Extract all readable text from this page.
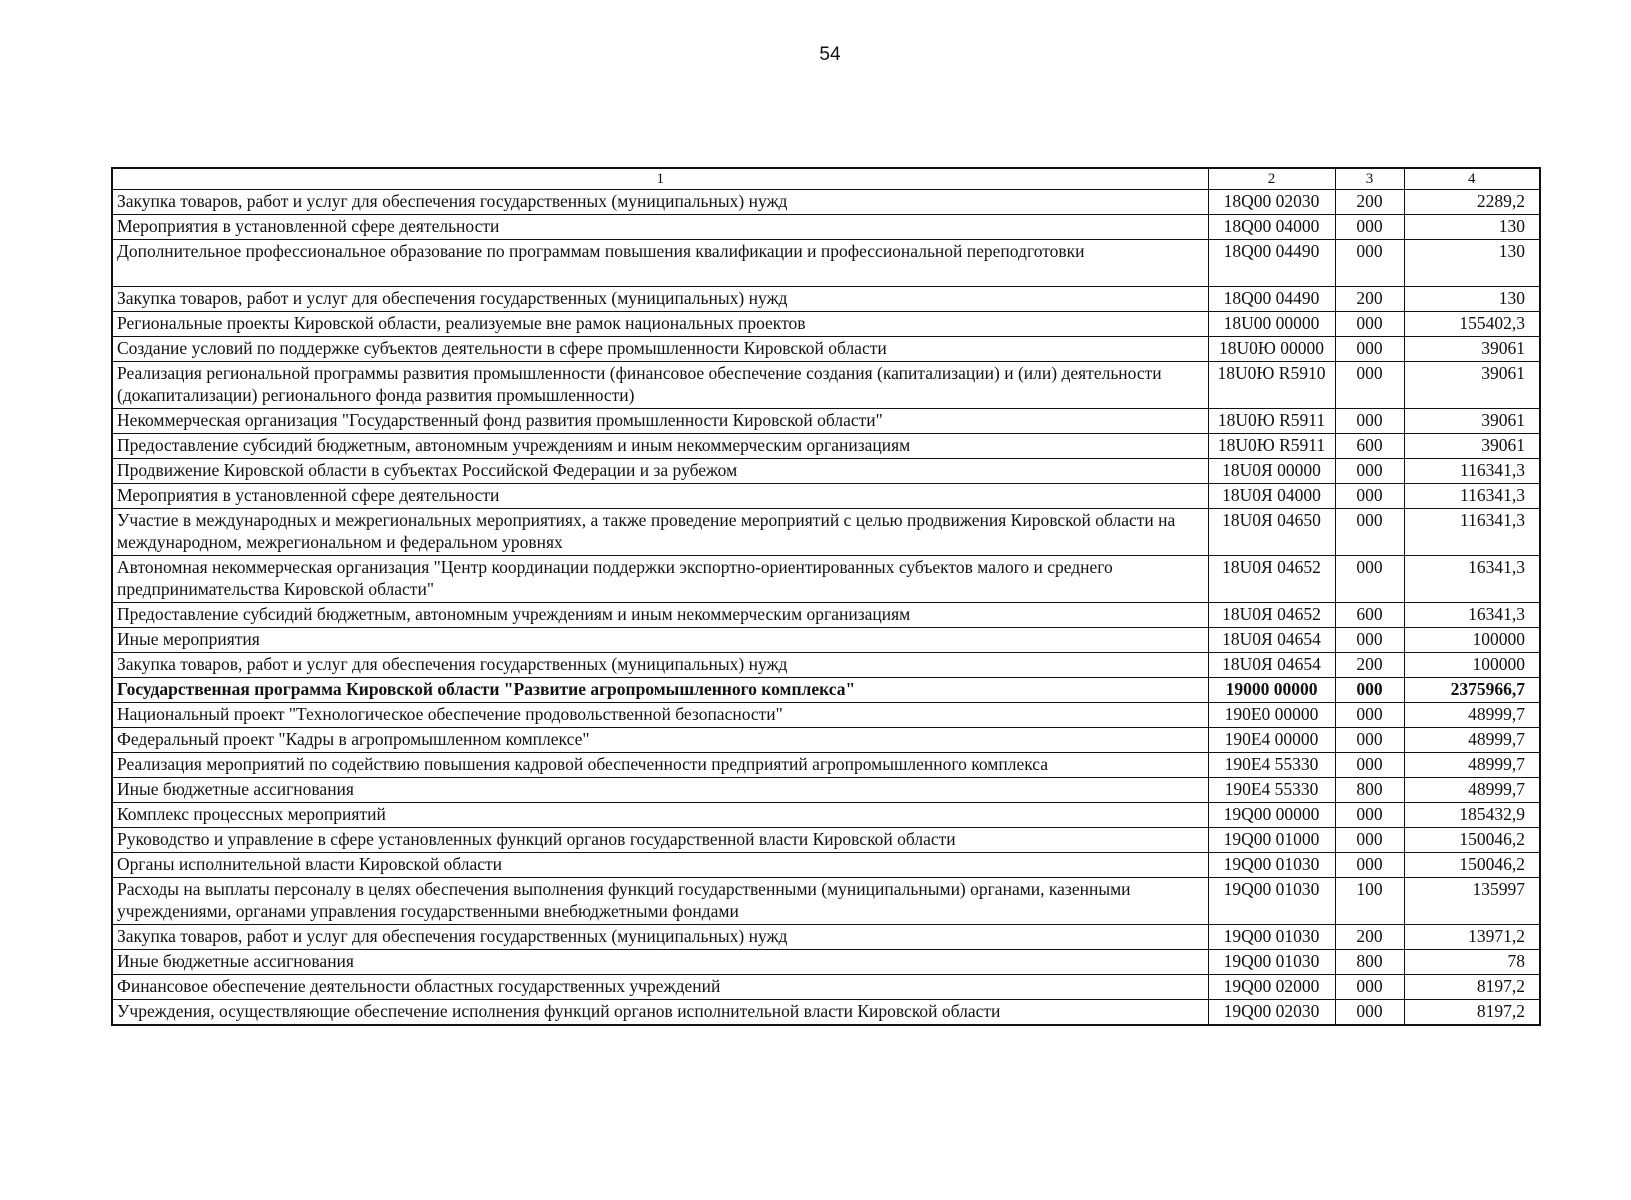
54
1	2	3	4
Закупка товаров, работ и услуг для обеспечения государственных (муниципальных) нужд	18Q00 02030	200	2289,2
Мероприятия в установленной сфере деятельности	18Q00 04000	000	130
Дополнительное профессиональное образование по программам повышения квалификации и профессиональной переподготовки	18Q00 04490	000	130
Закупка товаров, работ и услуг для обеспечения государственных (муниципальных) нужд	18Q00 04490	200	130
Региональные проекты Кировской области, реализуемые вне рамок национальных проектов	18U00 00000	000	155402,3
Создание условий по поддержке субъектов деятельности в сфере промышленности Кировской области	18U0Ю 00000	000	39061
Реализация региональной программы развития промышленности (финансовое обеспечение создания (капитализации) и (или) деятельности (докапитализации) регионального фонда развития промышленности)	18U0Ю R5910	000	39061
Некоммерческая организация "Государственный фонд развития промышленности Кировской области"	18U0Ю R5911	000	39061
Предоставление субсидий бюджетным, автономным учреждениям и иным некоммерческим организациям	18U0Ю R5911	600	39061
Продвижение Кировской области в субъектах Российской Федерации и за рубежом	18U0Я 00000	000	116341,3
Мероприятия в установленной сфере деятельности	18U0Я 04000	000	116341,3
Участие в международных и межрегиональных мероприятиях, а также проведение мероприятий с целью продвижения Кировской области на международном, межрегиональном и федеральном уровнях	18U0Я 04650	000	116341,3
Автономная некоммерческая организация "Центр координации поддержки экспортно-ориентированных субъектов малого и среднего предпринимательства Кировской области"	18U0Я 04652	000	16341,3
Предоставление субсидий бюджетным, автономным учреждениям и иным некоммерческим организациям	18U0Я 04652	600	16341,3
Иные мероприятия	18U0Я 04654	000	100000
Закупка товаров, работ и услуг для обеспечения государственных (муниципальных) нужд	18U0Я 04654	200	100000
Государственная программа Кировской области "Развитие агропромышленного комплекса"	19000 00000	000	2375966,7
Национальный проект "Технологическое обеспечение продовольственной безопасности"	190E0 00000	000	48999,7
Федеральный проект "Кадры в агропромышленном комплексе"	190E4 00000	000	48999,7
Реализация мероприятий по содействию повышения кадровой обеспеченности предприятий агропромышленного комплекса	190E4 55330	000	48999,7
Иные бюджетные ассигнования	190E4 55330	800	48999,7
Комплекс процессных мероприятий	19Q00 00000	000	185432,9
Руководство и управление в сфере установленных функций органов государственной власти Кировской области	19Q00 01000	000	150046,2
Органы исполнительной власти Кировской области	19Q00 01030	000	150046,2
Расходы на выплаты персоналу в целях обеспечения выполнения функций государственными (муниципальными) органами, казенными учреждениями, органами управления государственными внебюджетными фондами	19Q00 01030	100	135997
Закупка товаров, работ и услуг для обеспечения государственных (муниципальных) нужд	19Q00 01030	200	13971,2
Иные бюджетные ассигнования	19Q00 01030	800	78
Финансовое обеспечение деятельности областных государственных учреждений	19Q00 02000	000	8197,2
Учреждения, осуществляющие обеспечение исполнения функций органов исполнительной власти Кировской области	19Q00 02030	000	8197,2
